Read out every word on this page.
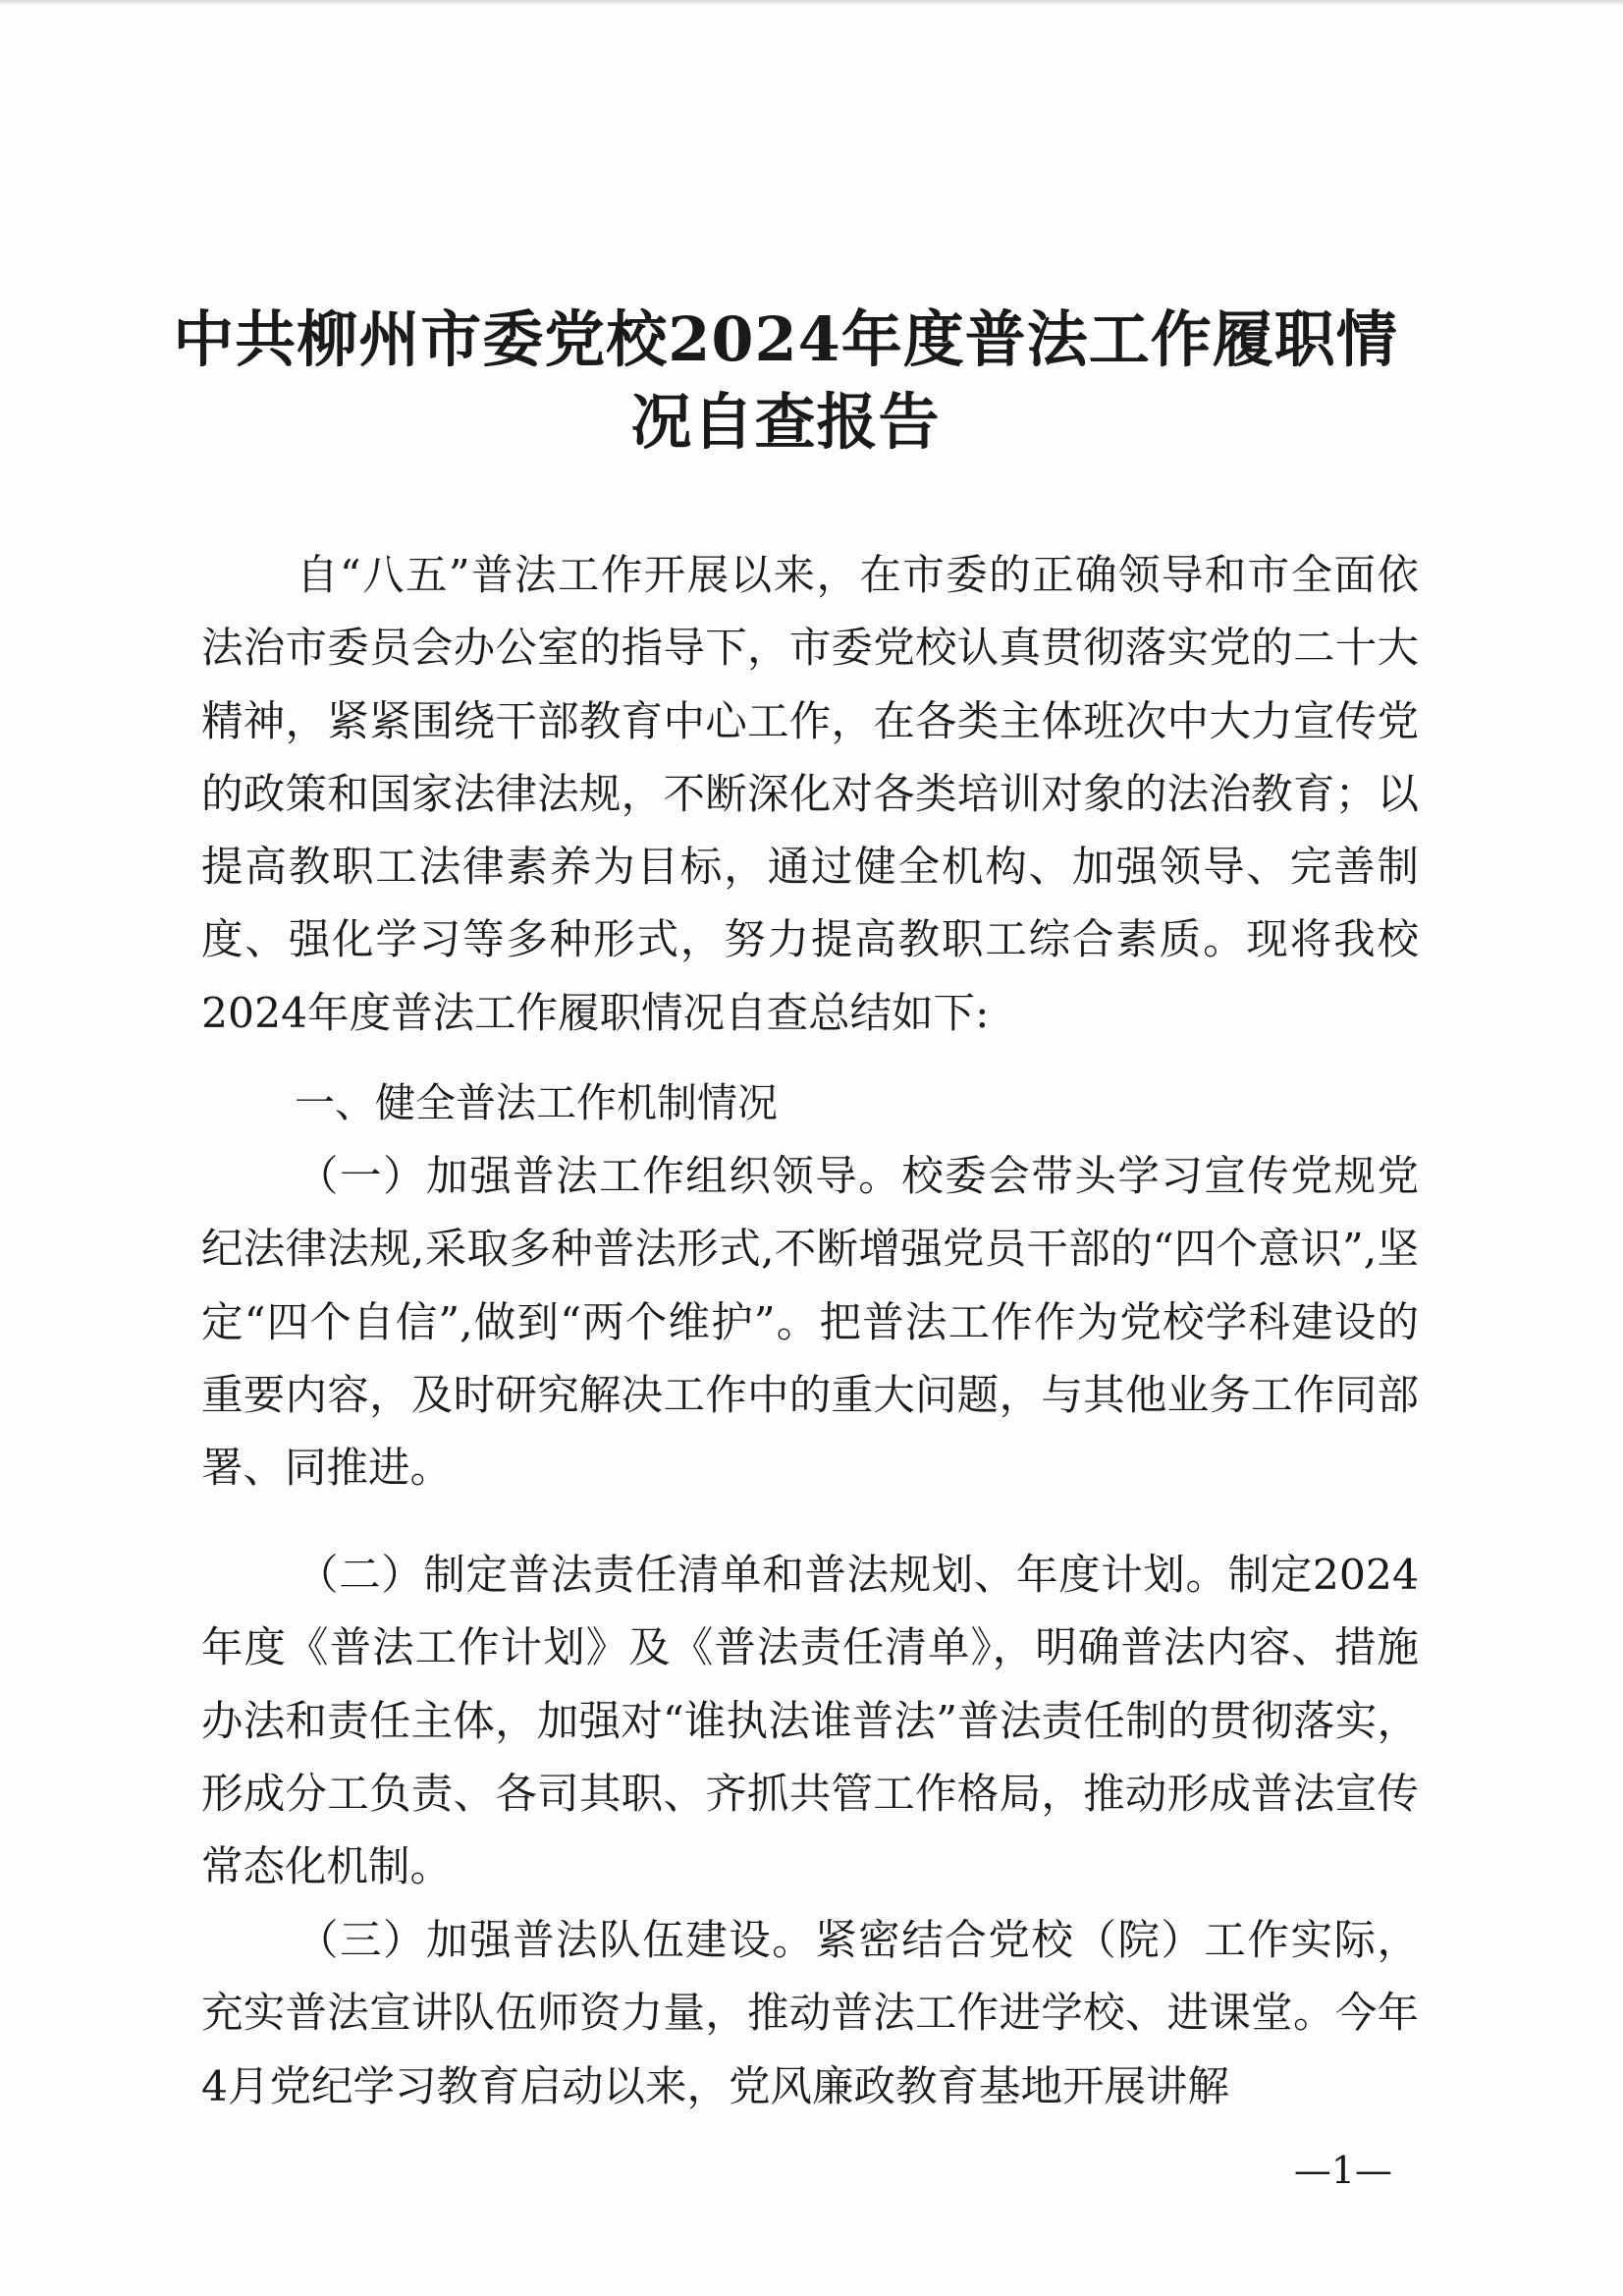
中共柳州市委党校2024年度普法工作履职情
况自查报告

自“八五”普法工作开展以来，在市委的正确领导和市全面依法治市委员会办公室的指导下，市委党校认真贯彻落实党的二十大精神，紧紧围绕干部教育中心工作，在各类主体班次中大力宣传党的政策和国家法律法规，不断深化对各类培训对象的法治教育；以提高教职工法律素养为目标，通过健全机构、加强领导、完善制度、强化学习等多种形式，努力提高教职工综合素质。现将我校2024年度普法工作履职情况自查总结如下:

一、健全普法工作机制情况

（一）加强普法工作组织领导。校委会带头学习宣传党规党纪法律法规,采取多种普法形式,不断增强党员干部的“四个意识”,坚定“四个自信”,做到“两个维护”。把普法工作作为党校学科建设的重要内容，及时研究解决工作中的重大问题，与其他业务工作同部署、同推进。

（二）制定普法责任清单和普法规划、年度计划。制定2024年度《普法工作计划》及《普法责任清单》，明确普法内容、措施办法和责任主体，加强对“谁执法谁普法”普法责任制的贯彻落实，形成分工负责、各司其职、齐抓共管工作格局，推动形成普法宣传常态化机制。

（三）加强普法队伍建设。紧密结合党校（院）工作实际，充实普法宣讲队伍师资力量，推动普法工作进学校、进课堂。今年4月党纪学习教育启动以来，党风廉政教育基地开展讲解

—1—
